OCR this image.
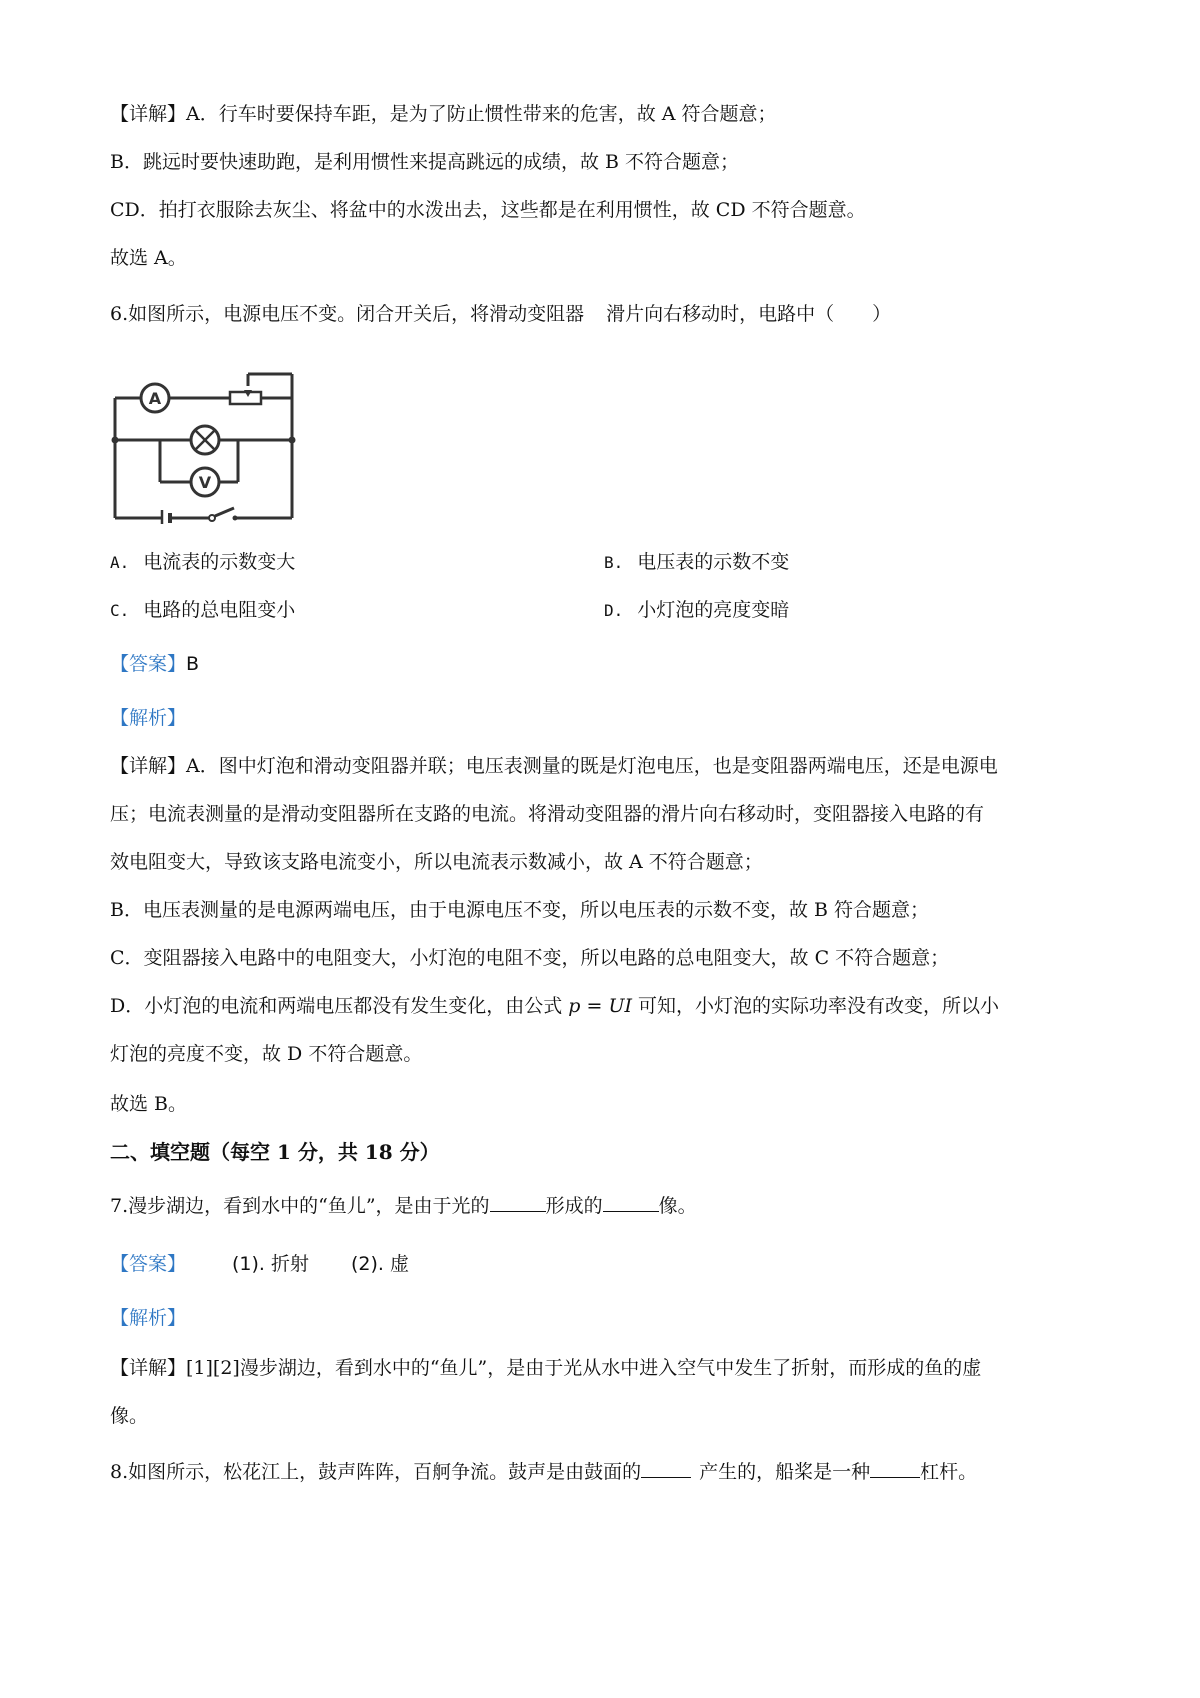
【详解】A．行车时要保持车距，是为了防止惯性带来的危害，故 A 符合题意；
B．跳远时要快速助跑，是利用惯性来提高跳远的成绩，故 B 不符合题意；
CD．拍打衣服除去灰尘、将盆中的水泼出去，这些都是在利用惯性，故 CD 不符合题意。
故选 A。
6.如图所示，电源电压不变。闭合开关后，将滑动变阻器 滑片向右移动时，电路中（　　）
A
V
A. 电流表的示数变大	B. 电压表的示数不变
C. 电路的总电阻变小	D. 小灯泡的亮度变暗
【答案】B
【解析】
【详解】A．图中灯泡和滑动变阻器并联；电压表测量的既是灯泡电压，也是变阻器两端电压，还是电源电
压；电流表测量的是滑动变阻器所在支路的电流。将滑动变阻器的滑片向右移动时，变阻器接入电路的有
效电阻变大，导致该支路电流变小，所以电流表示数减小，故 A 不符合题意；
B．电压表测量的是电源两端电压，由于电源电压不变，所以电压表的示数不变，故 B 符合题意；
C．变阻器接入电路中的电阻变大，小灯泡的电阻不变，所以电路的总电阻变大，故 C 不符合题意；
D．小灯泡的电流和两端电压都没有发生变化，由公式 p = UI 可知，小灯泡的实际功率没有改变，所以小
灯泡的亮度不变，故 D 不符合题意。
故选 B。
二、填空题（每空 1 分，共 18 分）
7.漫步湖边，看到水中的“鱼儿”，是由于光的	形成的	像。
【答案】 (1). 折射 (2). 虚
【解析】
【详解】[1][2]漫步湖边，看到水中的“鱼儿”，是由于光从水中进入空气中发生了折射，而形成的鱼的虚
像。
8.如图所示，松花江上，鼓声阵阵，百舸争流。鼓声是由鼓面的	产生的，船桨是一种	杠杆。
